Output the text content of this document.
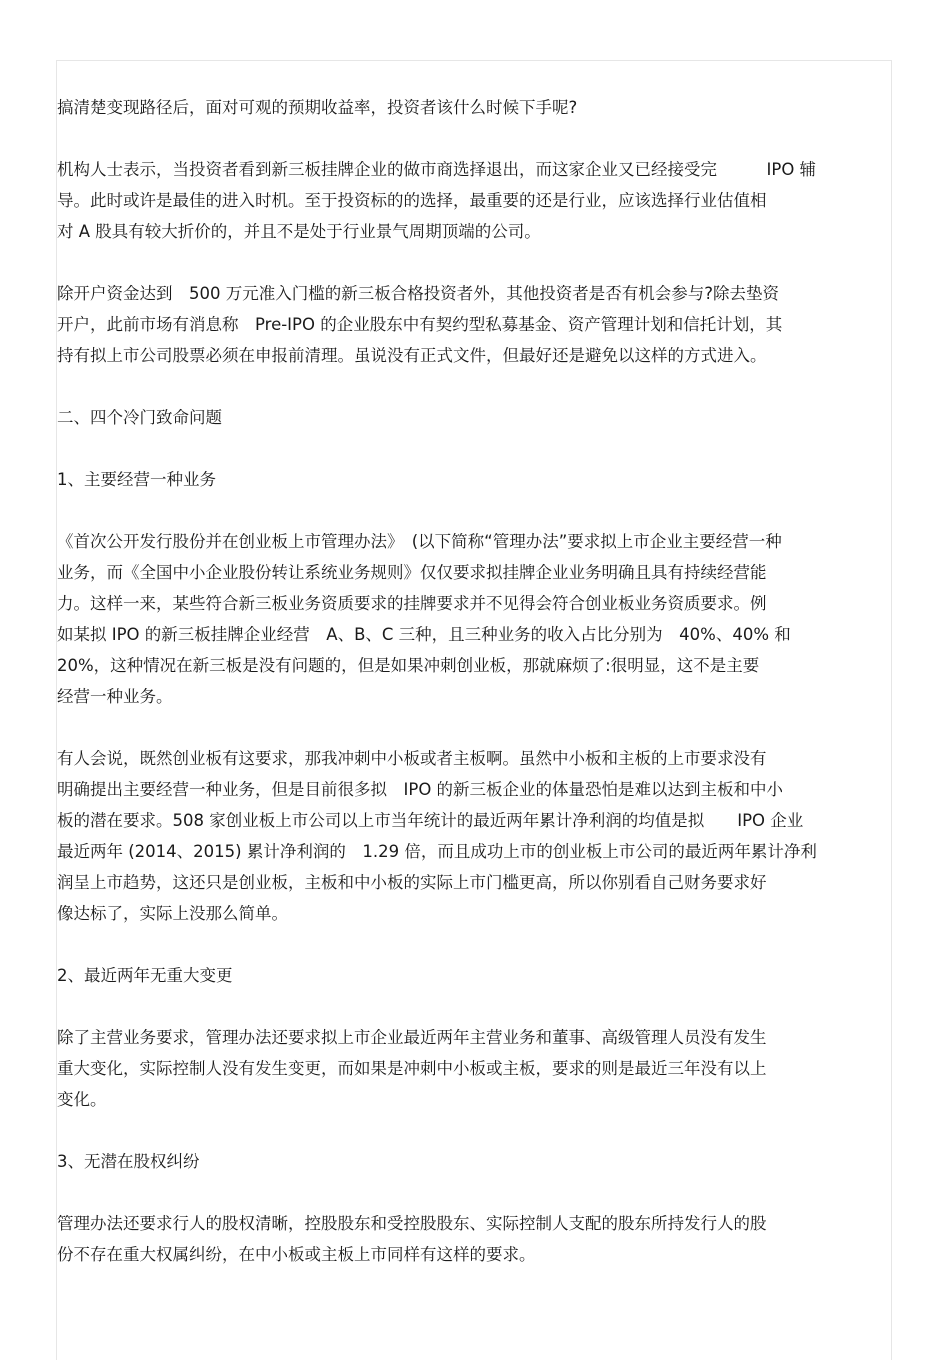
搞清楚变现路径后，面对可观的预期收益率，投资者该什么时候下手呢?
机构人士表示，当投资者看到新三板挂牌企业的做市商选择退出，而这家企业又已经接受完　　　IPO 辅
导。此时或许是最佳的进入时机。至于投资标的的选择，最重要的还是行业，应该选择行业估值相
对 A 股具有较大折价的，并且不是处于行业景气周期顶端的公司。
除开户资金达到　500 万元准入门槛的新三板合格投资者外，其他投资者是否有机会参与?除去垫资
开户，此前市场有消息称　Pre-IPO 的企业股东中有契约型私募基金、资产管理计划和信托计划，其
持有拟上市公司股票必须在申报前清理。虽说没有正式文件，但最好还是避免以这样的方式进入。
二、四个冷门致命问题
1、主要经营一种业务
《首次公开发行股份并在创业板上市管理办法》　(以下简称“管理办法”要求拟上市企业主要经营一种
业务，而《全国中小企业股份转让系统业务规则》仅仅要求拟挂牌企业业务明确且具有持续经营能
力。这样一来，某些符合新三板业务资质要求的挂牌要求并不见得会符合创业板业务资质要求。例
如某拟 IPO 的新三板挂牌企业经营　A、B、C 三种，且三种业务的收入占比分别为　40%、40% 和
20%，这种情况在新三板是没有问题的，但是如果冲刺创业板，那就麻烦了:很明显，这不是主要
经营一种业务。
有人会说，既然创业板有这要求，那我冲刺中小板或者主板啊。虽然中小板和主板的上市要求没有
明确提出主要经营一种业务，但是目前很多拟　IPO 的新三板企业的体量恐怕是难以达到主板和中小
板的潜在要求。508 家创业板上市公司以上市当年统计的最近两年累计净利润的均值是拟　　IPO 企业
最近两年 (2014、2015) 累计净利润的　1.29 倍，而且成功上市的创业板上市公司的最近两年累计净利
润呈上市趋势，这还只是创业板，主板和中小板的实际上市门槛更高，所以你别看自己财务要求好
像达标了，实际上没那么简单。
2、最近两年无重大变更
除了主营业务要求，管理办法还要求拟上市企业最近两年主营业务和董事、高级管理人员没有发生
重大变化，实际控制人没有发生变更，而如果是冲刺中小板或主板，要求的则是最近三年没有以上
变化。
3、无潜在股权纠纷
管理办法还要求行人的股权清晰，控股股东和受控股股东、实际控制人支配的股东所持发行人的股
份不存在重大权属纠纷，在中小板或主板上市同样有这样的要求。
